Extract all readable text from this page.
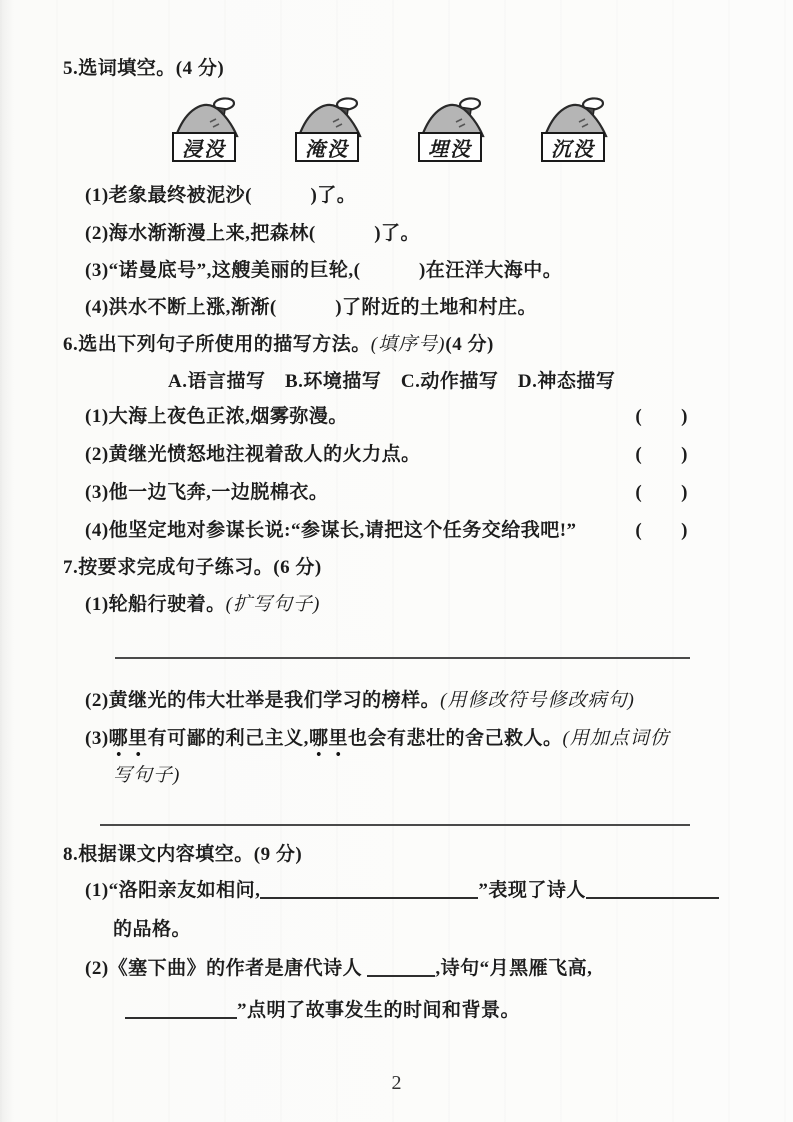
5.选词填空。(4 分)
浸没	淹没	埋没	沉没
(1)老象最终被泥沙(   )了。
(2)海水渐渐漫上来,把森林(   )了。
(3)“诺曼底号”,这艘美丽的巨轮,(   )在汪洋大海中。
(4)洪水不断上涨,渐渐(   )了附近的土地和村庄。
6.选出下列句子所使用的描写方法。(填序号)(4 分)
A.语言描写 B.环境描写 C.动作描写 D.神态描写
(1)大海上夜色正浓,烟雾弥漫。	(  )
(2)黄继光愤怒地注视着敌人的火力点。	(  )
(3)他一边飞奔,一边脱棉衣。	(  )
(4)他坚定地对参谋长说:“参谋长,请把这个任务交给我吧!”	(  )
7.按要求完成句子练习。(6 分)
(1)轮船行驶着。(扩写句子)
(2)黄继光的伟大壮举是我们学习的榜样。(用修改符号修改病句)
(3)哪里有可鄙的利己主义,哪里也会有悲壮的舍己救人。(用加点词仿
写句子)
8.根据课文内容填空。(9 分)
(1)“洛阳亲友如相问,	”表现了诗人
的品格。
(2)《塞下曲》的作者是唐代诗人	,诗句“月黑雁飞高,
”点明了故事发生的时间和背景。
2
